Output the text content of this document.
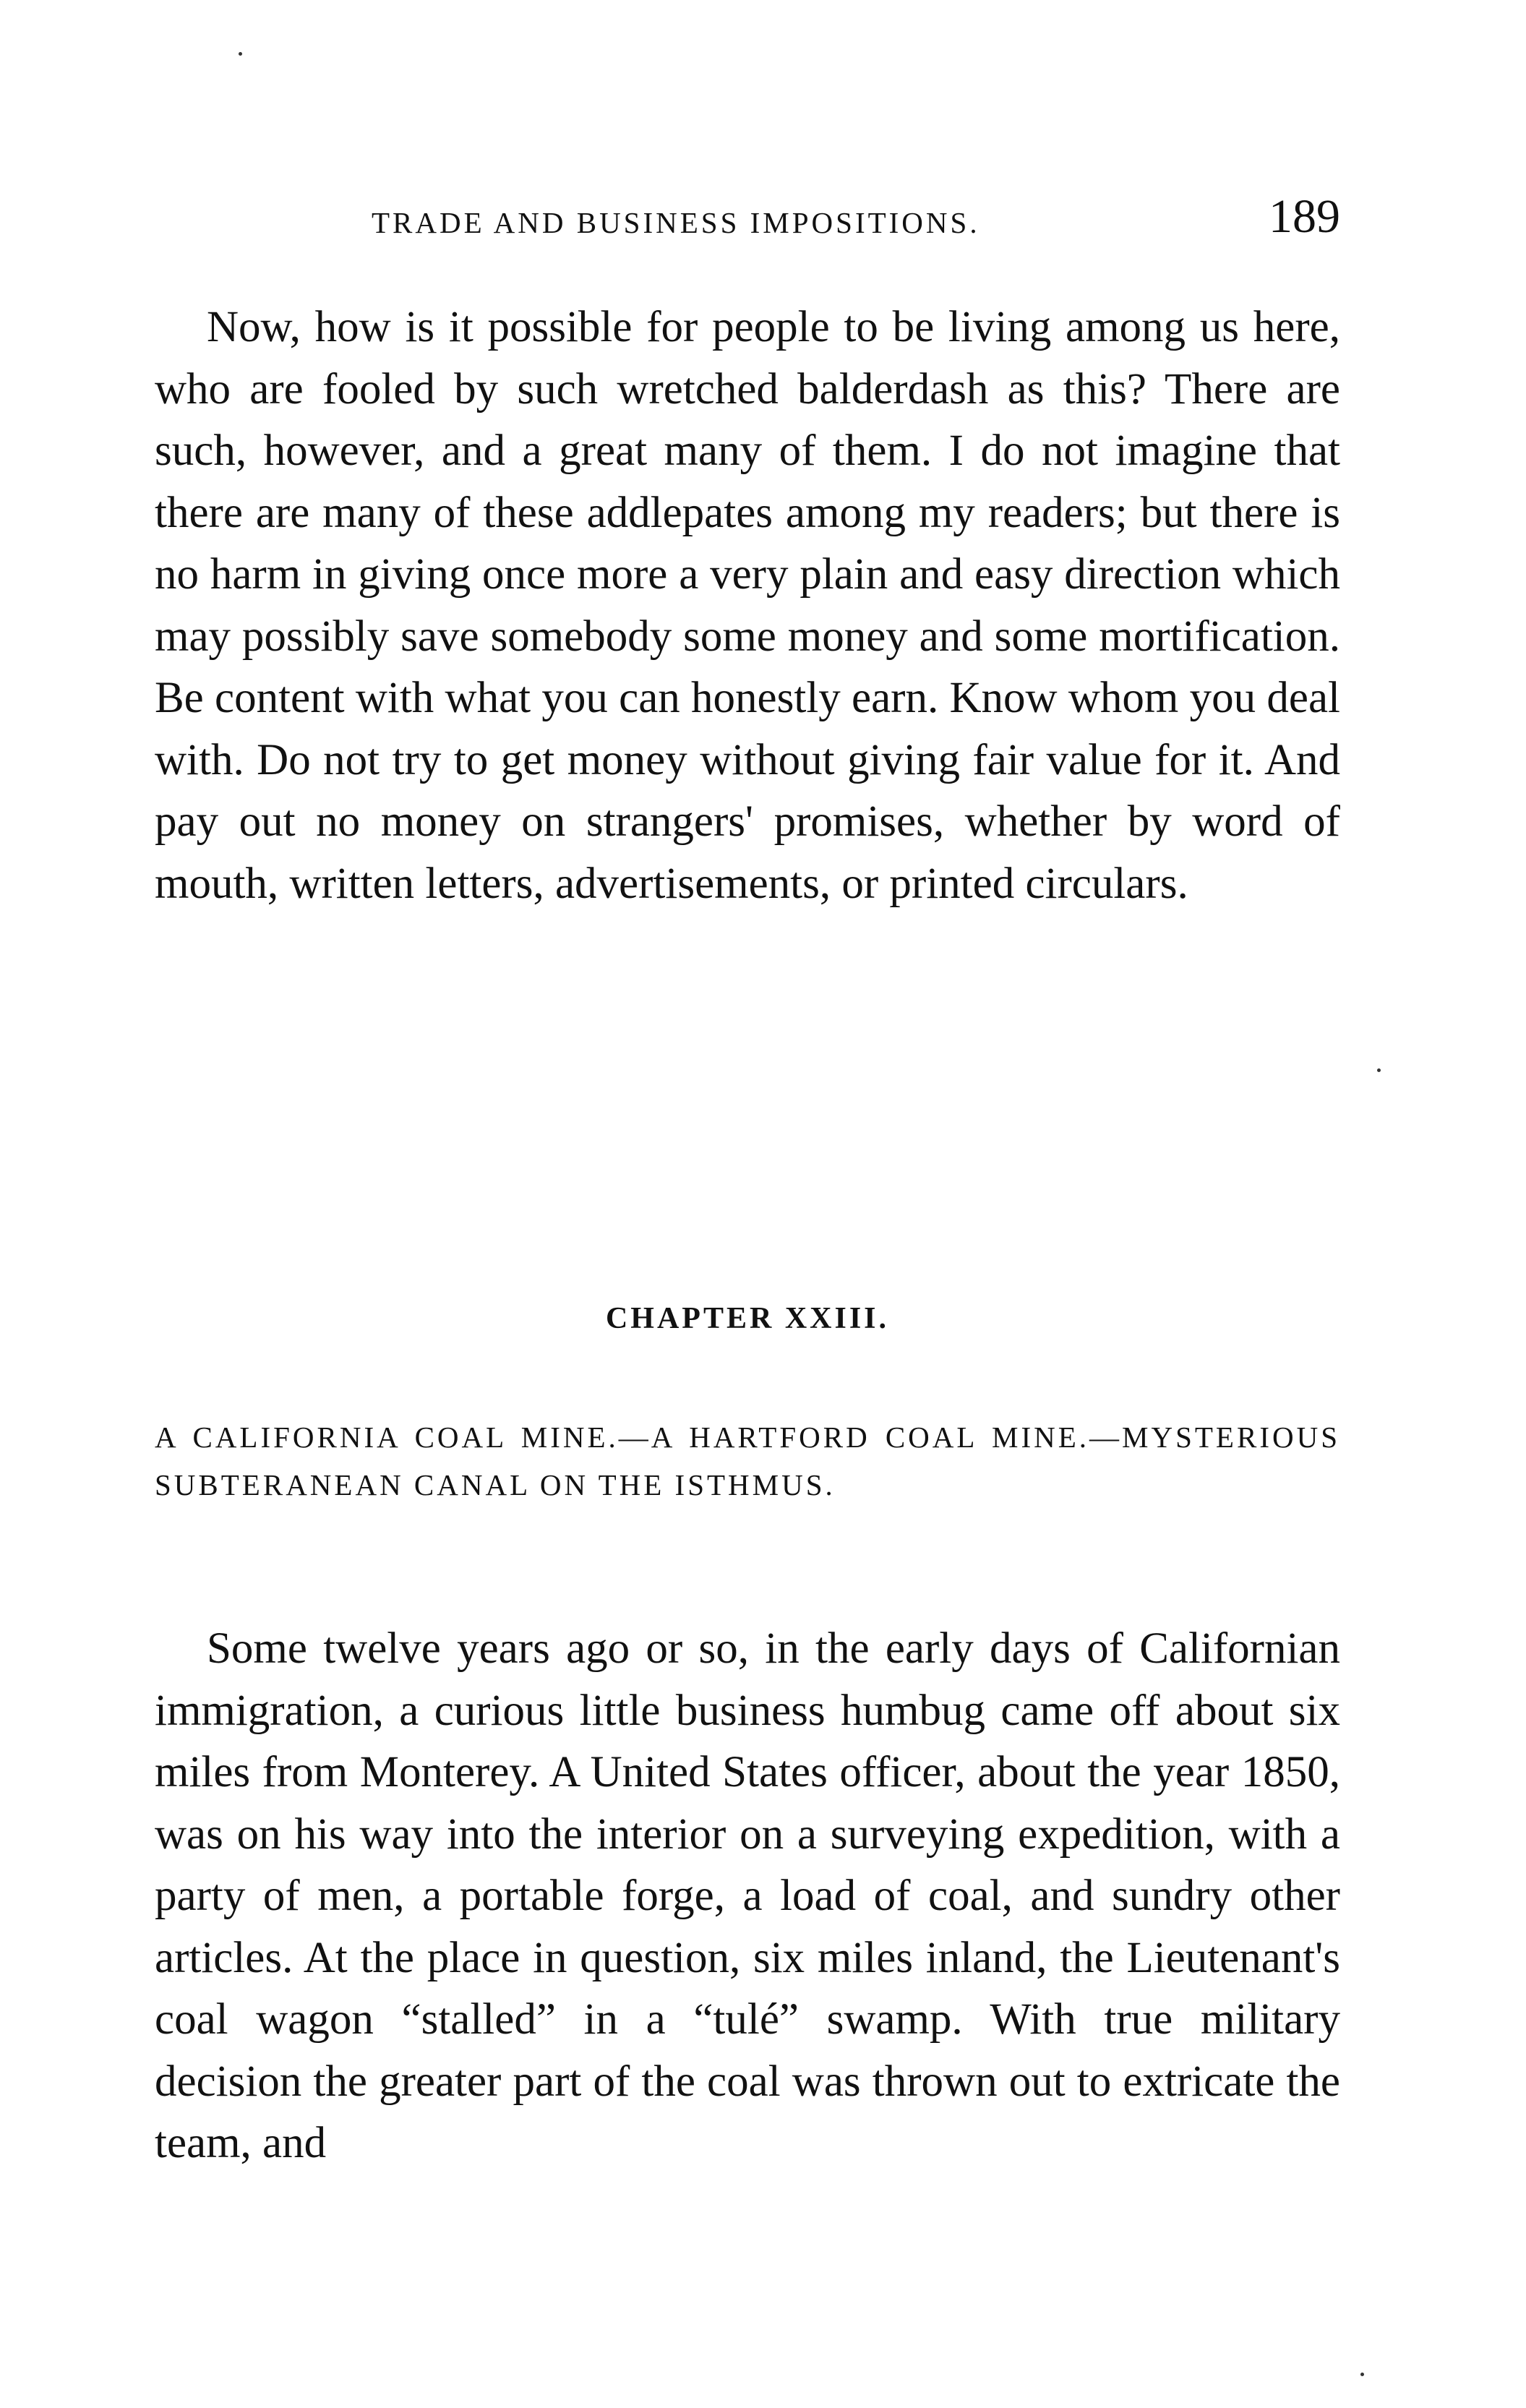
TRADE AND BUSINESS IMPOSITIONS.	189

Now, how is it possible for people to be living among us here, who are fooled by such wretched balderdash as this? There are such, however, and a great many of them. I do not imagine that there are many of these addlepates among my readers; but there is no harm in giving once more a very plain and easy direction which may possibly save somebody some money and some mortification. Be content with what you can honestly earn. Know whom you deal with. Do not try to get money without giving fair value for it. And pay out no money on strangers' promises, whether by word of mouth, written letters, advertisements, or printed circulars.

CHAPTER XXIII.

A CALIFORNIA COAL MINE.—A HARTFORD COAL MINE.—MYSTERIOUS SUBTERANEAN CANAL ON THE ISTHMUS.

Some twelve years ago or so, in the early days of Californian immigration, a curious little business humbug came off about six miles from Monterey. A United States officer, about the year 1850, was on his way into the interior on a surveying expedition, with a party of men, a portable forge, a load of coal, and sundry other articles. At the place in question, six miles inland, the Lieutenant's coal wagon “stalled” in a “tulé” swamp. With true military decision the greater part of the coal was thrown out to extricate the team, and
